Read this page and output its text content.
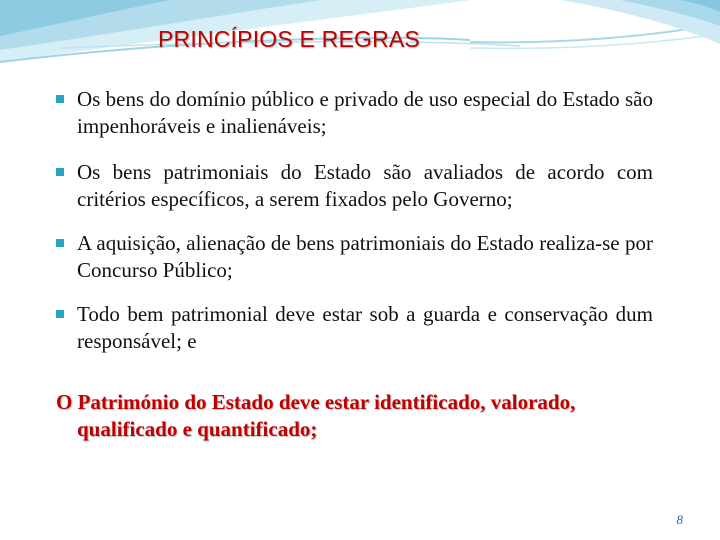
PRINCÍPIOS E REGRAS
Os bens do domínio público e privado de uso especial do Estado são impenhoráveis e inalienáveis;
Os bens patrimoniais do Estado são avaliados de acordo com critérios específicos, a serem fixados pelo Governo;
A aquisição, alienação de bens patrimoniais do Estado realiza-se por Concurso Público;
Todo bem patrimonial deve estar sob a guarda e conservação dum responsável; e

O Património do Estado deve estar identificado, valorado, qualificado e quantificado;

8
